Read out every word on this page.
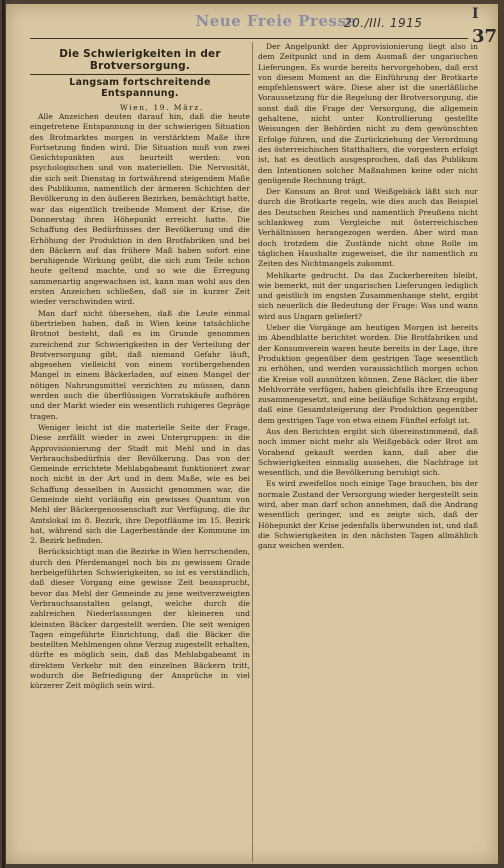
Neue Freie Presse
20./III. 1915
I
37
Die Schwierigkeiten in der Brotversorgung.
Langsam fortschreitende Entspannung.
Wien, 19. März.

Alle Anzeichen deuten darauf hin, daß die heute eingetretene Entspannung in der schwierigen Situation des Brotmarktes morgen in verstärktem Maße ihre Fortsetzung finden wird. Die Situation muß von zwei Gesichtspunkten aus beurteilt werden: von psychologischen und von materiellen. Die Nervosität, die sich seit Dienstag in fortwährend steigendem Maße des Publikums, namentlich der ärmeren Schichten der Bevölkerung in den äußeren Bezirken, bemächtigt hatte, war das eigentlich treibende Moment der Krise, die Donnerstag ihren Höhepunkt erreicht hatte. Die Schaffung des Bedürfnisses der Bevölkerung und die Erhöhung der Produktion in den Brotfabriken und bei den Bäckern auf das frühere Maß haben sofort eine beruhigende Wirkung geübt, die sich zum Teile schon heute geltend machte, und so wie die Erregung sammenartig angewachsen ist, kann man wohl aus den ersten Anzeichen schließen, daß sie in kurzer Zeit wieder verschwinden wird.

Man darf nicht übersehen, daß die Leute einmal übertrieben haben, daß in Wien keine tatsächliche Brotnot besteht, daß es im Grunde genommen zureichend zur Schwierigkeiten in der Verteilung der Brotversorgung gibt, daß niemand Gefahr läuft, abgesehen vielleicht von einem vorübergehenden Mangel in einem Bäckerladen, auf einen Mangel der nötigen Nahrungsmittel verzichten zu müssen, dann werden auch die überflüssigen Vorratskäufe aufhören und der Markt wieder ein wesentlich ruhigeres Gepräge tragen.

Weniger leicht ist die materielle Seite der Frage. Diese zerfällt wieder in zwei Untergruppen: in die Approvisionierung der Stadt mit Mehl und in das Verbrauchsbedürfnis der Bevölkerung. Das von der Gemeinde errichtete Mehlabgabeamt funktioniert zwar noch nicht in der Art und in dem Maße, wie es bei Schaffung desselben in Aussicht genommen war, die Gemeinde sieht vorläufig ein gewisses Quantum von Mehl der Bäckergenossenschaft zur Verfügung, die ihr Amtslokal im 8. Bezirk, ihre Depotfläume im 15. Bezirk hat, während sich die Lagerbestände der Kommune im 2. Bezirk befinden.

Berücksichtigt man die Bezirke in Wien herrschenden, durch den Pferdemangel noch bis zu gewissem Grade herbeigeführten Schwierigkeiten, so ist es verständlich, daß dieser Vorgang eine gewisse Zeit beansprucht, bevor das Mehl der Gemeinde zu jene weitverzweigten Verbrauchsanstalten gelangt, welche durch die zahlreichen Niederlassungen der kleineren und kleinsten Bäcker dargestellt werden. Die seit wenigen Tagen eingeführte Einrichtung, daß die Bäcker die bestellten Mehlmengen ohne Verzug zugestellt erhalten, dürfte es möglich sein, daß das Mehlabgabeamt in direktem Verkehr mit den einzelnen Bäckern tritt, wodurch die Befriedigung der Ansprüche in viel kürzerer Zeit möglich sein wird.

Der Angelpunkt der Approvisionierung liegt also in dem Zeitpunkt und in dem Ausmaß der ungarischen Lieferungen. Es wurde bereits hervorgehoben, daß erst von diesem Moment an die Einführung der Brotkarte empfehlenswert wäre. Diese aber ist die unerläßliche Voraussetzung für die Regelung der Brotversorgung, die sonst daß die Frage der Versorgung, die allgemein gehaltene, nicht unter Kontrollierung gestellte Weisungen der Behörden nicht zu dem gewünschten Erfolge führen, und die Zurückziehung der Verordnung des österreichischen Statthalters, die vorgestern erfolgt ist, hat es deutlich ausgesprochen, daß das Publikum den Intentionen solcher Maßnahmen keine oder nicht genügende Rechnung trägt.

Der Konsum an Brot und Weißgebäck läßt sich nur durch die Brotkarte regeln, wie dies auch das Beispiel des Deutschen Reiches und namentlich Preußens nicht schlankweg zum Vergleiche mit österreichischen Verhältnissen herangezogen werden. Aber wird man doch trotzdem die Zustände nicht ohne Rolle im täglichen Haushalte zugeweiset, die ihr namentlich zu Zeiten des Nichtmangels zukommt.

Mehlkarte gedrucht. Da das Zuckerbereiten bleibt, wie bemerkt, mit der ungarischen Lieferungen lediglich und geistlich im engsten Zusammenhange steht, ergibt sich neuerlich die Bedeutung der Frage: Was und wann wird aus Ungarn geliefert?

Ueber die Vorgänge am heutigen Morgen ist bereits im Abendblatte berichtet worden. Die Brotfabriken und der Konsumverein waren heute bereits in der Lage, ihre Produktion gegenüber dem gestrigen Tage wesentlich zu erhöhen, und werden voraussichtlich morgen schon die Kreise voll ausnützen können. Zene Bäcker, die über Mehlvorräte verfügen, haben gleichfalls ihre Erzeugung zusammengesetzt, und eine beiläufige Schätzung ergibt, daß eine Gesamtsteigerung der Produktion gegenüber dem gestrigen Tage von etwa einem Fünftel erfolgt ist.

Aus den Berichten ergibt sich übereinstimmend, daß noch immer nicht mehr als Weißgebäck oder Brot am Vorabend gekauft werden kann, daß aber die Schwierigkeiten einmalig aussehen, die Nachfrage ist wesentlich, und die Bevölkerung beruhigt sich.

Es wird zweifellos noch einige Tage brauchen, bis der normale Zustand der Versorgung wieder hergestellt sein wird, aber man darf schon annehmen, daß die Andrang wesentlich geringer, und es zeigte sich, daß der Höhepunkt der Krise jedenfalls überwunden ist, und daß die Schwierigkeiten in den nächsten Tagen allmählich ganz weichen werden.
